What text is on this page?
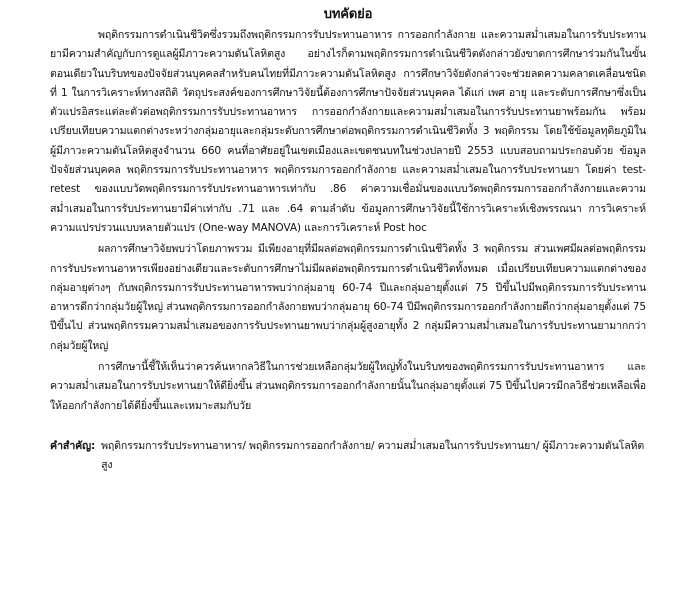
บทคัดย่อ

พฤติกรรมการดำเนินชีวิตซึ่งรวมถึงพฤติกรรมการรับประทานอาหาร การออกกำลังกาย และความสม่ำเสมอในการรับประทานยามีความสำคัญกับการดูแลผู้มีภาวะความดันโลหิตสูง อย่างไรก็ตามพฤติกรรมการดำเนินชีวิตดังกล่าวยังขาดการศึกษาร่วมกันในขั้นตอนเดียวในบริบทของปัจจัยส่วนบุคคลสำหรับคนไทยที่มีภาวะความดันโลหิตสูง การศึกษาวิจัยดังกล่าวจะช่วยลดความคลาดเคลื่อนชนิดที่ 1 ในการวิเคราะห์ทางสถิติ วัตถุประสงค์ของการศึกษาวิจัยนี้ต้องการศึกษาปัจจัยส่วนบุคคล ได้แก่ เพศ อายุ และระดับการศึกษาซึ่งเป็นตัวแปรอิสระแต่ละตัวต่อพฤติกรรมการรับประทานอาหาร การออกกำลังกายและความสม่ำเสมอในการรับประทานยาพร้อมกัน พร้อมเปรียบเทียบความแตกต่างระหว่างกลุ่มอายุและกลุ่มระดับการศึกษาต่อพฤติกรรมการดำเนินชีวิตทั้ง 3 พฤติกรรม โดยใช้ข้อมูลทุติยภูมิในผู้มีภาวะความดันโลหิตสูงจำนวน 660 คนที่อาศัยอยู่ในเขตเมืองและเขตชนบทในช่วงปลายปี 2553 แบบสอบถามประกอบด้วย ข้อมูลปัจจัยส่วนบุคคล พฤติกรรมการรับประทานอาหาร พฤติกรรมการออกกำลังกาย และความสม่ำเสมอในการรับประทานยา โดยค่า test-retest ของแบบวัดพฤติกรรมการรับประทานอาหารเท่ากับ .86 ค่าความเชื่อมั่นของแบบวัดพฤติกรรมการออกกำลังกายและความสม่ำเสมอในการรับประทานยามีค่าเท่ากับ .71 และ .64 ตามลำดับ ข้อมูลการศึกษาวิจัยนี้ใช้การวิเคราะห์เชิงพรรณนา การวิเคราะห์ความแปรปรวนแบบหลายตัวแปร (One-way MANOVA) และการวิเคราะห์ Post hoc

ผลการศึกษาวิจัยพบว่าโดยภาพรวม มีเพียงอายุที่มีผลต่อพฤติกรรมการดำเนินชีวิตทั้ง 3 พฤติกรรม ส่วนเพศมีผลต่อพฤติกรรมการรับประทานอาหารเพียงอย่างเดียวและระดับการศึกษาไม่มีผลต่อพฤติกรรมการดำเนินชีวิตทั้งหมด เมื่อเปรียบเทียบความแตกต่างของกลุ่มอายุต่างๆ กับพฤติกรรมการรับประทานอาหารพบว่ากลุ่มอายุ 60-74 ปีและกลุ่มอายุตั้งแต่ 75 ปีขึ้นไปมีพฤติกรรมการรับประทานอาหารดีกว่ากลุ่มวัยผู้ใหญ่ ส่วนพฤติกรรมการออกกำลังกายพบว่ากลุ่มอายุ 60-74 ปีมีพฤติกรรมการออกกำลังกายดีกว่ากลุ่มอายุตั้งแต่ 75 ปีขึ้นไป ส่วนพฤติกรรมความสม่ำเสมอของการรับประทานยาพบว่ากลุ่มผู้สูงอายุทั้ง 2 กลุ่มมีความสม่ำเสมอในการรับประทานยามากกว่ากลุ่มวัยผู้ใหญ่

การศึกษานี้ชี้ให้เห็นว่าควรค้นหากลวิธีในการช่วยเหลือกลุ่มวัยผู้ใหญ่ทั้งในบริบทของพฤติกรรมการรับประทานอาหาร และความสม่ำเสมอในการรับประทานยาให้ดียิ่งขึ้น ส่วนพฤติกรรมการออกกำลังกายนั้นในกลุ่มอายุตั้งแต่ 75 ปีขึ้นไปควรมีกลวิธีช่วยเหลือเพื่อให้ออกกำลังกายได้ดียิ่งขึ้นและเหมาะสมกับวัย

คำสำคัญ: พฤติกรรมการรับประทานอาหาร/ พฤติกรรมการออกกำลังกาย/ ความสม่ำเสมอในการรับประทานยา/ ผู้มีภาวะความดันโลหิตสูง
